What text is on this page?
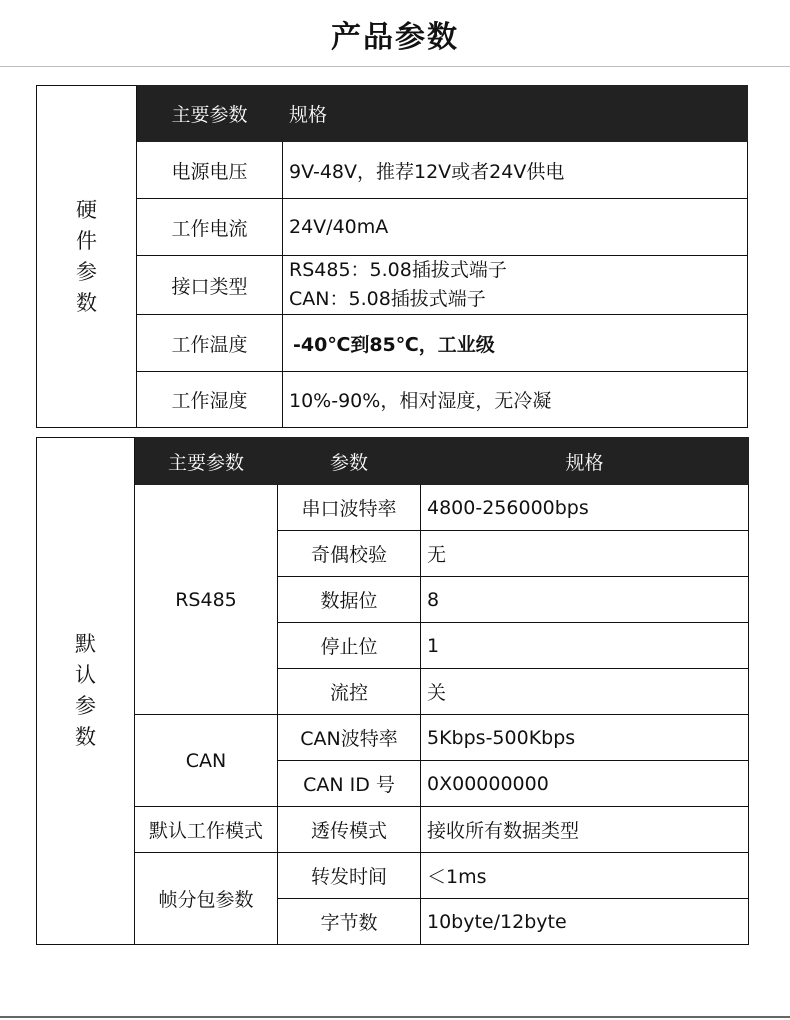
产品参数
硬
件
参
数	主要参数	规格
	电源电压	9V-48V，推荐12V或者24V供电
	工作电流	24V/40mA
	接口类型	RS485：5.08插拔式端子
CAN：5.08插拔式端子

	工作温度	-40℃到85℃，工业级
	工作湿度	10%-90%，相对湿度，无冷凝
默
认
参
数	主要参数	参数	规格
	RS485	串口波特率	4800-256000bps
		奇偶校验	无
		数据位	8
		停止位	1
		流控	关
	CAN	CAN波特率	5Kbps-500Kbps
		CAN ID 号	0X00000000
	默认工作模式	透传模式	接收所有数据类型
	帧分包参数	转发时间	＜1ms
		字节数	10byte/12byte
